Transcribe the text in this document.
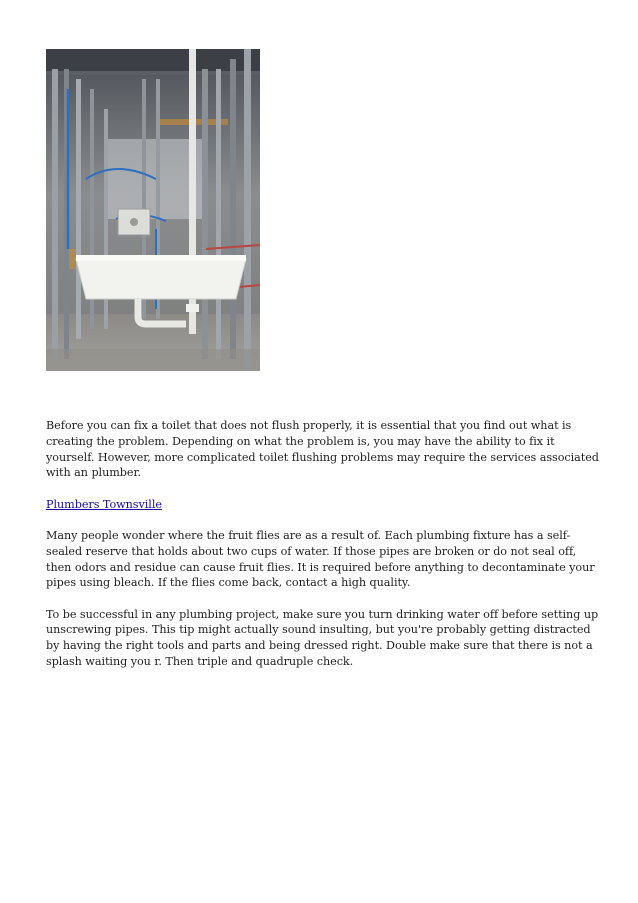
Before you can fix a toilet that does not flush properly, it is essential that you find out what is creating the problem. Depending on what the problem is, you may have the ability to fix it yourself. However, more complicated toilet flushing problems may require the services associated with an plumber.

Plumbers Townsville

Many people wonder where the fruit flies are as a result of. Each plumbing fixture has a self-sealed reserve that holds about two cups of water. If those pipes are broken or do not seal off, then odors and residue can cause fruit flies. It is required before anything to decontaminate your pipes using bleach. If the flies come back, contact a high quality.

To be successful in any plumbing project, make sure you turn drinking water off before setting up unscrewing pipes. This tip might actually sound insulting, but you're probably getting distracted by having the right tools and parts and being dressed right. Double make sure that there is not a splash waiting you r. Then triple and quadruple check.
